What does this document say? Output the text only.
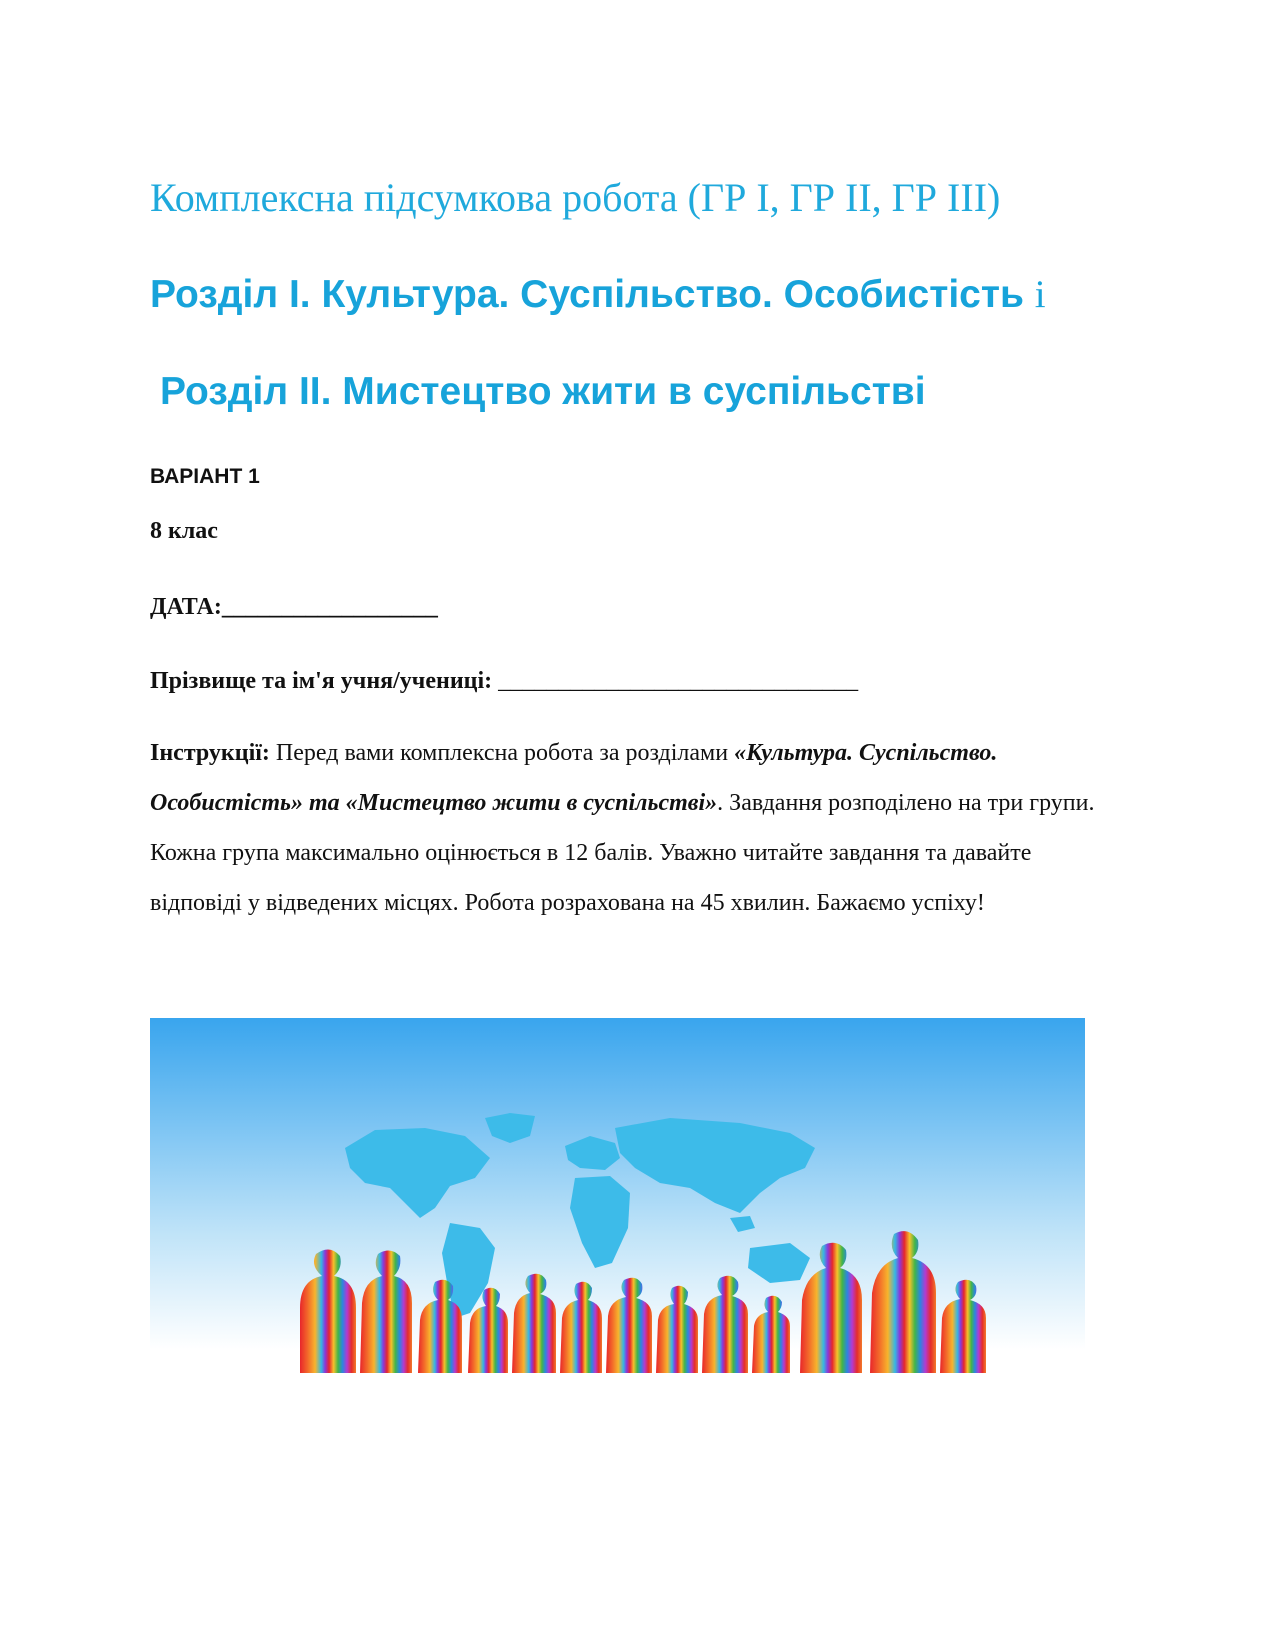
Комплексна підсумкова робота (ГР І, ГР ІІ, ГР ІІІ)
Розділ І. Культура. Суспільство. Особистість і
Розділ ІІ. Мистецтво жити в суспільстві
ВАРІАНТ 1
8 клас
ДАТА:__________________
Прізвище та ім'я учня/учениці: ______________________________
Інструкції: Перед вами комплексна робота за розділами «Культура. Суспільство. Особистість» та «Мистецтво жити в суспільстві». Завдання розподілено на три групи. Кожна група максимально оцінюється в 12 балів. Уважно читайте завдання та давайте відповіді у відведених місцях. Робота розрахована на 45 хвилин. Бажаємо успіху!
